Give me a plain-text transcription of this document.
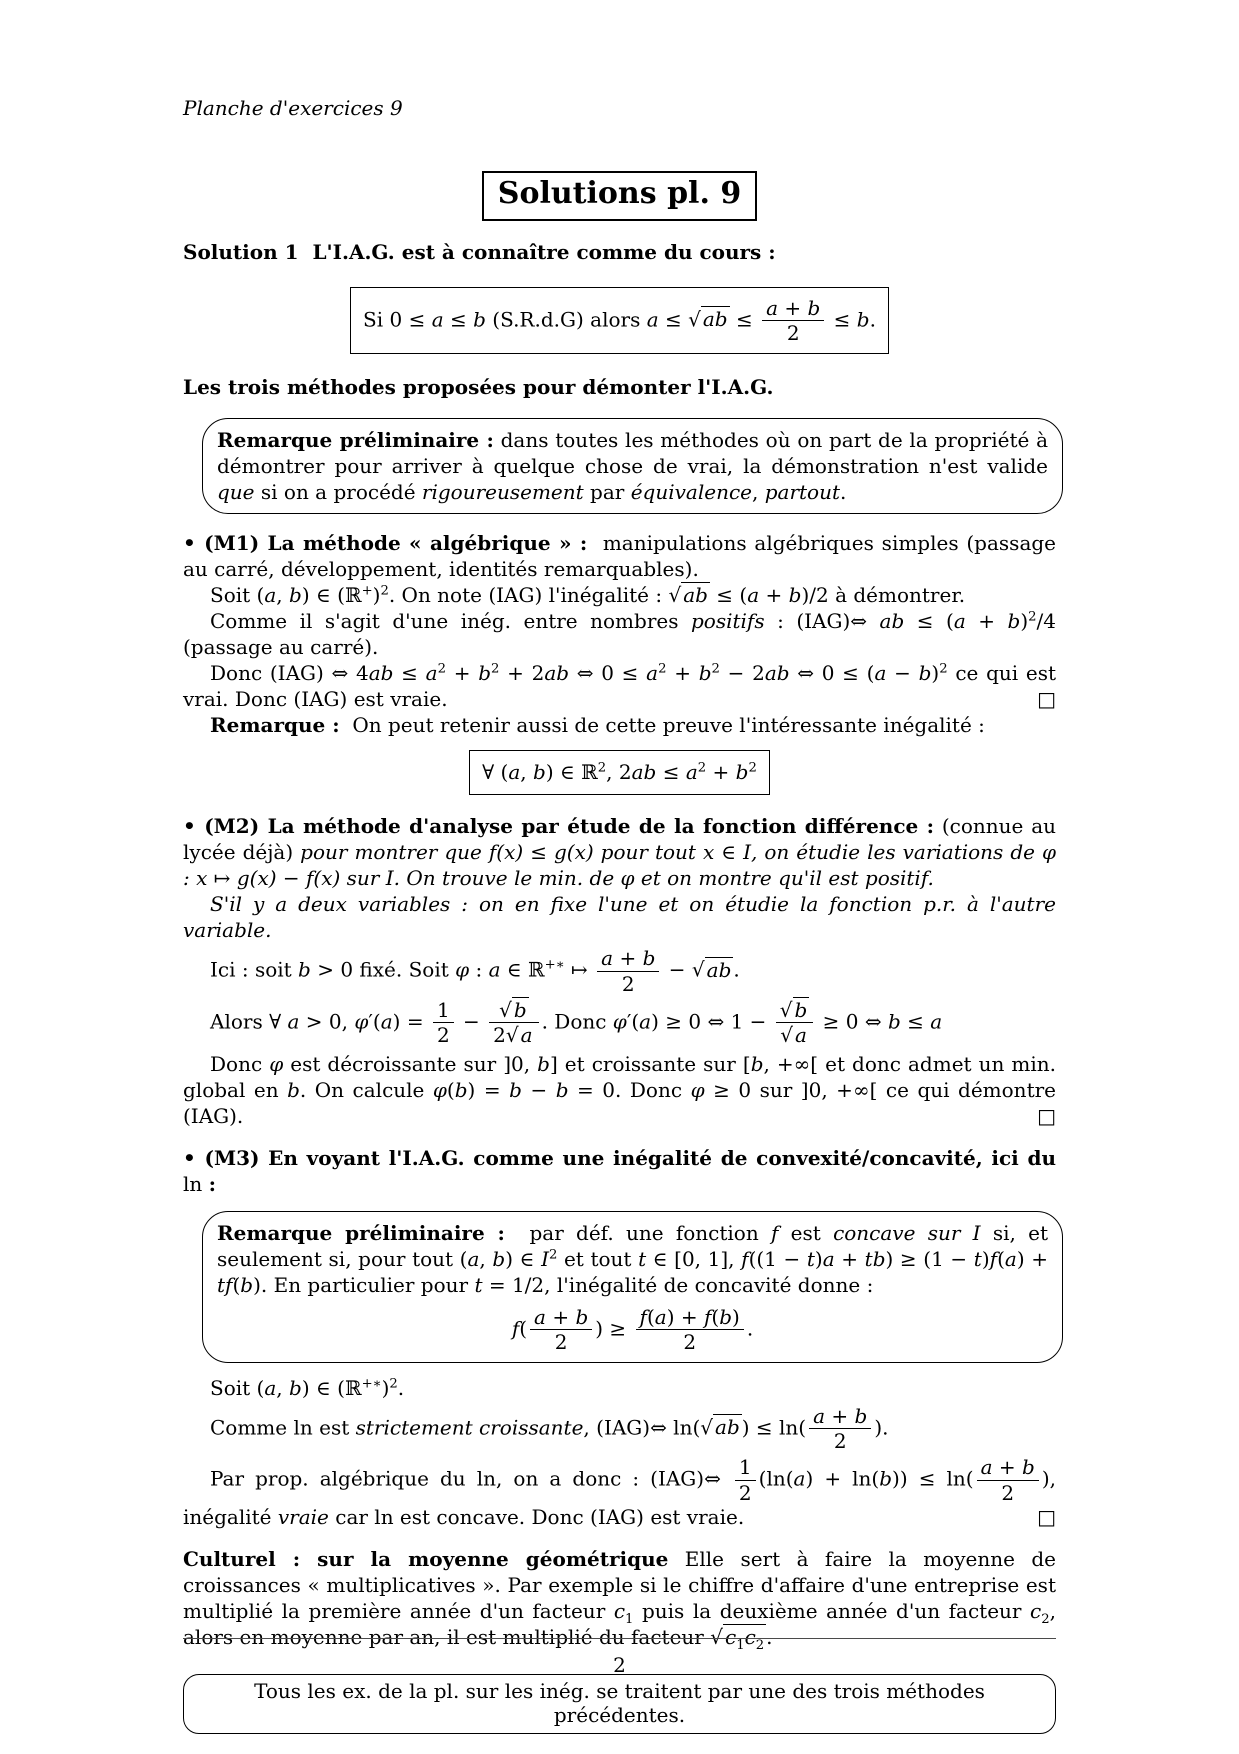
Planche d'exercices 9

Solutions pl. 9

Solution 1  L'I.A.G. est à connaître comme du cours :

Si 0 ≤ a ≤ b (S.R.d.G) alors a ≤ √ ab ≤ $\frac{a + b}{2} \le b$.

Les trois méthodes proposées pour démonter l'I.A.G.

Remarque préliminaire : dans toutes les méthodes où on part de la propriété à démontrer pour arriver à quelque chose de vrai, la démonstration n'est valide que si on a procédé rigoureusement par équivalence, partout.

• (M1) La méthode « algébrique » :  manipulations algébriques simples (passage au carré, développement, identités remarquables).

Soit (a, b) ∈ (ℝ+)$^2$. On note (IAG) l'inégalité : √ ab ≤ (a + b)/2 à démontrer.

Comme il s'agit d'une inég. entre nombres positifs : (IAG)⇔ ab ≤ $(a + b)^2/4$ (passage au carré).

Donc (IAG) ⇔ $4ab \le a^2 + b^2 + 2ab$ ⇔ $0 \le a^2 + b^2 - 2ab$ ⇔ $0 \le (a - b)^2$ ce qui est vrai. Donc (IAG) est vraie.	□

Remarque :  On peut retenir aussi de cette preuve l'intéressante inégalité :

∀ (a, b) ∈ ℝ$^2$, $2ab \le a^2 + b^2$

• (M2) La méthode d'analyse par étude de la fonction différence : (connue au lycée déjà) pour montrer que f(x) ≤ g(x) pour tout x ∈ I, on étudie les variations de φ : x ↦ g(x) − f(x) sur I. On trouve le min. de φ et on montre qu'il est positif.

S'il y a deux variables : on en fixe l'une et on étudie la fonction p.r. à l'autre variable.

Ici : soit b > 0 fixé. Soit φ : a ∈ ℝ+∗ ↦ $\frac{a + b}{2}$ − √ ab .

Alors ∀ a > 0, $\varphi'(a) = \frac{1}{2} - \frac{√ b}{2√ a}$ . Donc φ′(a) ≥ 0 ⇔ $1 - \frac{√ b}{√ a} \ge 0$ ⇔ b ≤ a

Donc φ est décroissante sur ]0, b] et croissante sur [b, +∞[ et donc admet un min. global en b. On calcule φ(b) = b − b = 0. Donc φ ≥ 0 sur ]0, +∞[ ce qui démontre (IAG).	□

• (M3) En voyant l'I.A.G. comme une inégalité de convexité/concavité, ici du ln :

Remarque préliminaire :  par déf. une fonction f est concave sur I si, et seulement si, pour tout (a, b) ∈ $I^2$ et tout t ∈ [0, 1], f((1 − t)a + tb) ≥ (1 − t)f(a) + tf(b). En particulier pour t = 1/2, l'inégalité de concavité donne :

$f( \frac{a + b}{2}$ ) ≥ $\frac{f(a) + f(b)}{2}$ .

Soit (a, b) ∈ (ℝ+∗)$^2$.

Comme ln est strictement croissante, (IAG)⇔ ln(√ ab ) ≤ $\ln( \frac{a + b}{2}$ ).

Par prop. algébrique du ln, on a donc : (IAG)⇔ $\frac{1}{2} (\ln(a) + \ln(b)) \le \ln( \frac{a + b}{2}$ ), inégalité vraie car ln est concave. Donc (IAG) est vraie.	□

Culturel : sur la moyenne géométrique Elle sert à faire la moyenne de croissances « multiplicatives ». Par exemple si le chiffre d'affaire d'une entreprise est multiplié la première année d'un facteur $c_1$ puis la deuxième année d'un facteur $c_2$, alors en moyenne par an, il est multiplié du facteur √ $c_1c_2$ .

Tous les ex. de la pl. sur les inég. se traitent par une des trois méthodes précédentes.
2
